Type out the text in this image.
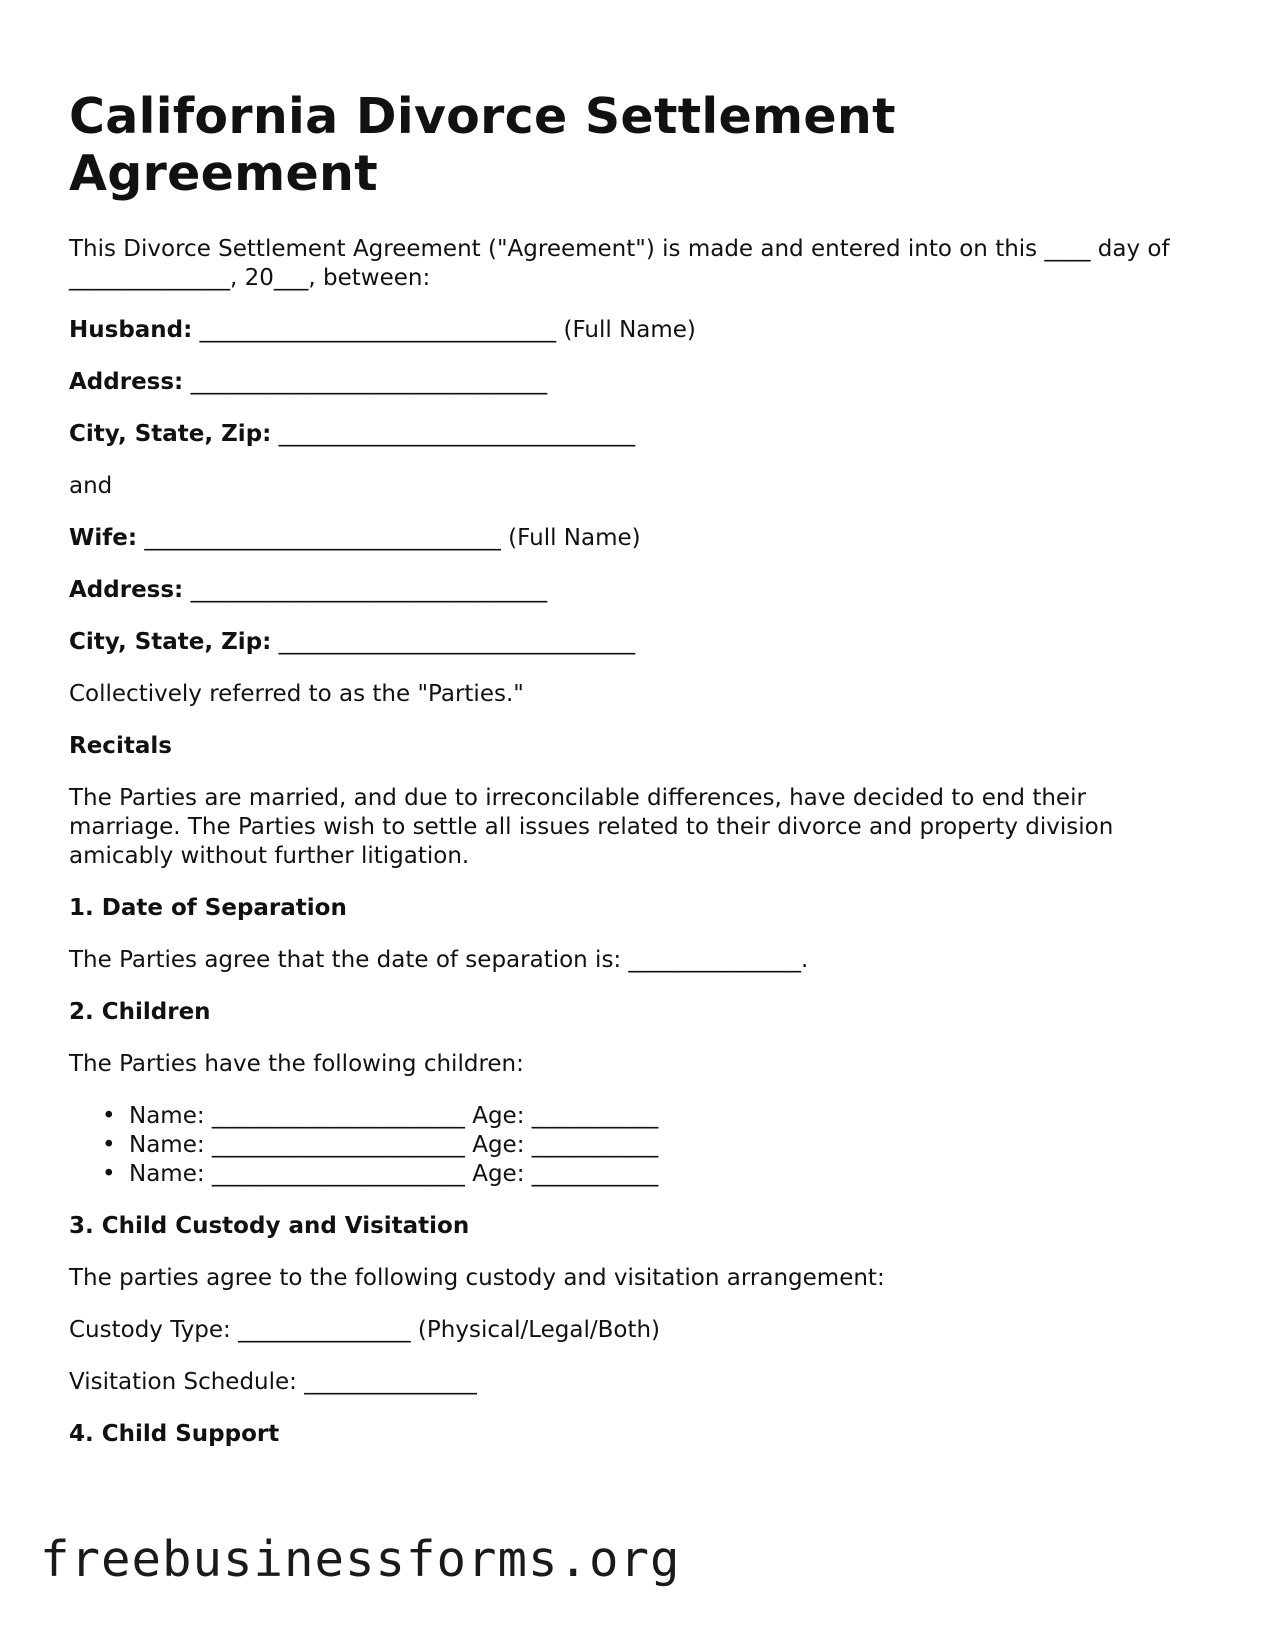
California Divorce Settlement Agreement

This Divorce Settlement Agreement ("Agreement") is made and entered into on this ____ day of ______________, 20___, between:

Husband: _______________________________ (Full Name)

Address: _______________________________

City, State, Zip: _______________________________

and

Wife: _______________________________ (Full Name)

Address: _______________________________

City, State, Zip: _______________________________

Collectively referred to as the "Parties."

Recitals

The Parties are married, and due to irreconcilable differences, have decided to end their marriage. The Parties wish to settle all issues related to their divorce and property division amicably without further litigation.

1. Date of Separation

The Parties agree that the date of separation is: _______________.

2. Children

The Parties have the following children:

• Name: ______________________ Age: ___________
• Name: ______________________ Age: ___________
• Name: ______________________ Age: ___________

3. Child Custody and Visitation

The parties agree to the following custody and visitation arrangement:

Custody Type: _______________ (Physical/Legal/Both)

Visitation Schedule: _______________

4. Child Support

freebusinessforms.org
